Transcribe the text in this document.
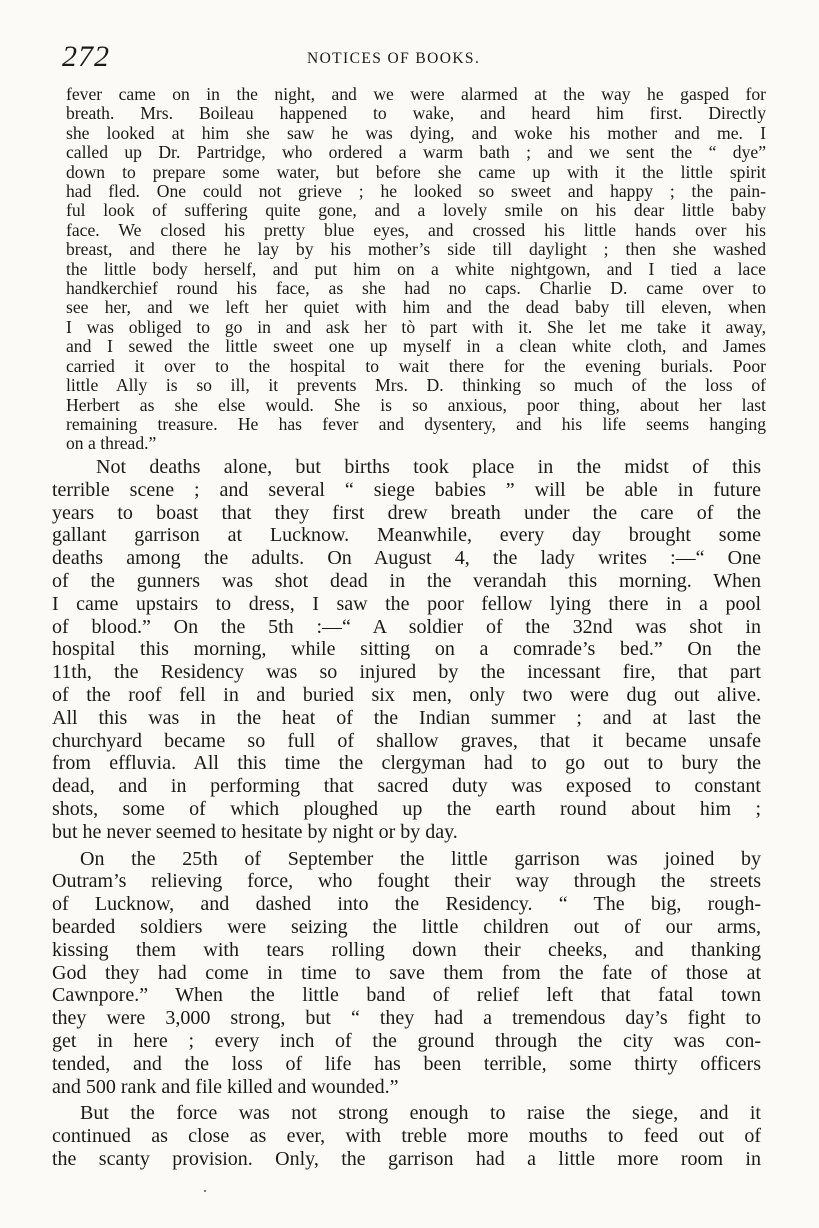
272	NOTICES OF BOOKS.
fever came on in the night, and we were alarmed at the way he gasped for
breath. Mrs. Boileau happened to wake, and heard him first. Directly
she looked at him she saw he was dying, and woke his mother and me. I
called up Dr. Partridge, who ordered a warm bath ; and we sent the “ dye”
down to prepare some water, but before she came up with it the little spirit
had fled. One could not grieve ; he looked so sweet and happy ; the pain-
ful look of suffering quite gone, and a lovely smile on his dear little baby
face. We closed his pretty blue eyes, and crossed his little hands over his
breast, and there he lay by his mother’s side till daylight ; then she washed
the little body herself, and put him on a white nightgown, and I tied a lace
handkerchief round his face, as she had no caps. Charlie D. came over to
see her, and we left her quiet with him and the dead baby till eleven, when
I was obliged to go in and ask her tò part with it. She let me take it away,
and I sewed the little sweet one up myself in a clean white cloth, and James
carried it over to the hospital to wait there for the evening burials. Poor
little Ally is so ill, it prevents Mrs. D. thinking so much of the loss of
Herbert as she else would. She is so anxious, poor thing, about her last
remaining treasure. He has fever and dysentery, and his life seems hanging
on a thread.”
Not deaths alone, but births took place in the midst of this
terrible scene ; and several “ siege babies ” will be able in future
years to boast that they first drew breath under the care of the
gallant garrison at Lucknow. Meanwhile, every day brought some
deaths among the adults. On August 4, the lady writes :—“ One
of the gunners was shot dead in the verandah this morning. When
I came upstairs to dress, I saw the poor fellow lying there in a pool
of blood.” On the 5th :—“ A soldier of the 32nd was shot in
hospital this morning, while sitting on a comrade’s bed.” On the
11th, the Residency was so injured by the incessant fire, that part
of the roof fell in and buried six men, only two were dug out alive.
All this was in the heat of the Indian summer ; and at last the
churchyard became so full of shallow graves, that it became unsafe
from effluvia. All this time the clergyman had to go out to bury the
dead, and in performing that sacred duty was exposed to constant
shots, some of which ploughed up the earth round about him ;
but he never seemed to hesitate by night or by day.
On the 25th of September the little garrison was joined by
Outram’s relieving force, who fought their way through the streets
of Lucknow, and dashed into the Residency. “ The big, rough-
bearded soldiers were seizing the little children out of our arms,
kissing them with tears rolling down their cheeks, and thanking
God they had come in time to save them from the fate of those at
Cawnpore.” When the little band of relief left that fatal town
they were 3,000 strong, but “ they had a tremendous day’s fight to
get in here ; every inch of the ground through the city was con-
tended, and the loss of life has been terrible, some thirty officers
and 500 rank and file killed and wounded.”
But the force was not strong enough to raise the siege, and it
continued as close as ever, with treble more mouths to feed out of
the scanty provision. Only, the garrison had a little more room in
